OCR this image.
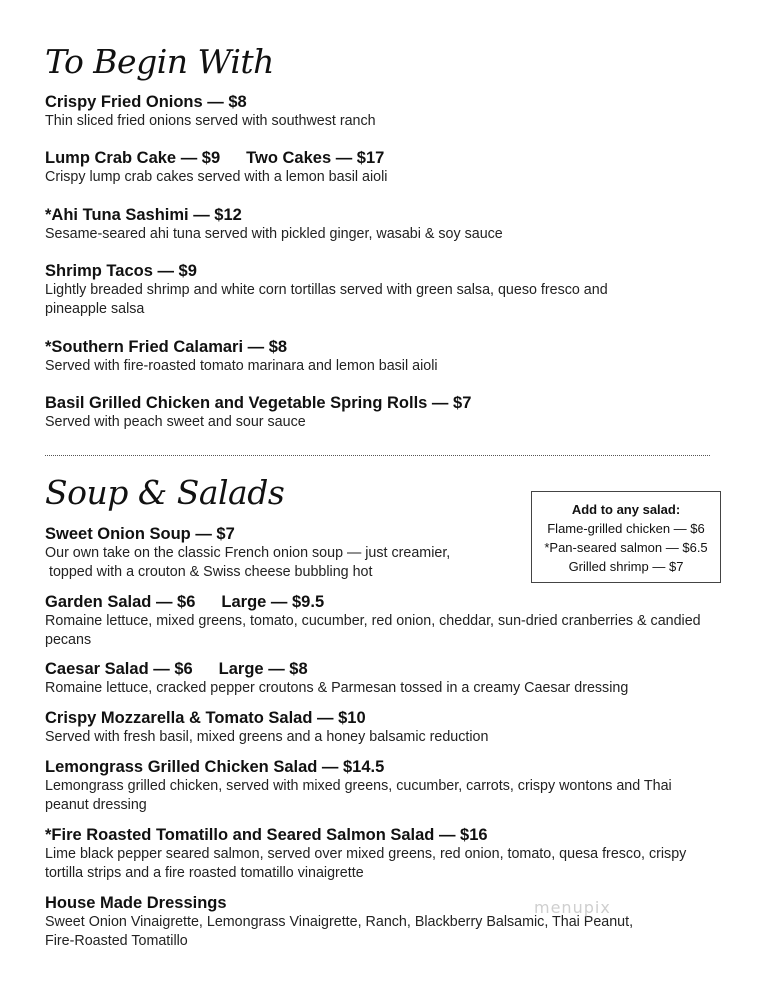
To Begin With
Crispy Fried Onions — $8
Thin sliced fried onions served with southwest ranch
Lump Crab Cake — $9 Two Cakes — $17
Crispy lump crab cakes served with a lemon basil aioli
*Ahi Tuna Sashimi — $12
Sesame-seared ahi tuna served with pickled ginger, wasabi & soy sauce
Shrimp Tacos — $9
Lightly breaded shrimp and white corn tortillas served with green salsa, queso fresco and pineapple salsa
*Southern Fried Calamari — $8
Served with fire-roasted tomato marinara and lemon basil aioli
Basil Grilled Chicken and Vegetable Spring Rolls — $7
Served with peach sweet and sour sauce
Soup & Salads	Add to any salad:
Flame-grilled chicken — $6
*Pan-seared salmon — $6.5
Grilled shrimp — $7
Sweet Onion Soup — $7
Our own take on the classic French onion soup — just creamier,
topped with a crouton & Swiss cheese bubbling hot
Garden Salad — $6 Large — $9.5
Romaine lettuce, mixed greens, tomato, cucumber, red onion, cheddar, sun-dried cranberries & candied pecans
Caesar Salad — $6 Large — $8
Romaine lettuce, cracked pepper croutons & Parmesan tossed in a creamy Caesar dressing
Crispy Mozzarella & Tomato Salad — $10
Served with fresh basil, mixed greens and a honey balsamic reduction
Lemongrass Grilled Chicken Salad — $14.5
Lemongrass grilled chicken, served with mixed greens, cucumber, carrots, crispy wontons and Thai peanut dressing
*Fire Roasted Tomatillo and Seared Salmon Salad — $16
Lime black pepper seared salmon, served over mixed greens, red onion, tomato, quesa fresco, crispy tortilla strips and a fire roasted tomatillo vinaigrette
House Made Dressings
Sweet Onion Vinaigrette, Lemongrass Vinaigrette, Ranch, Blackberry Balsamic, Thai Peanut, Fire-Roasted Tomatillo
menupix
